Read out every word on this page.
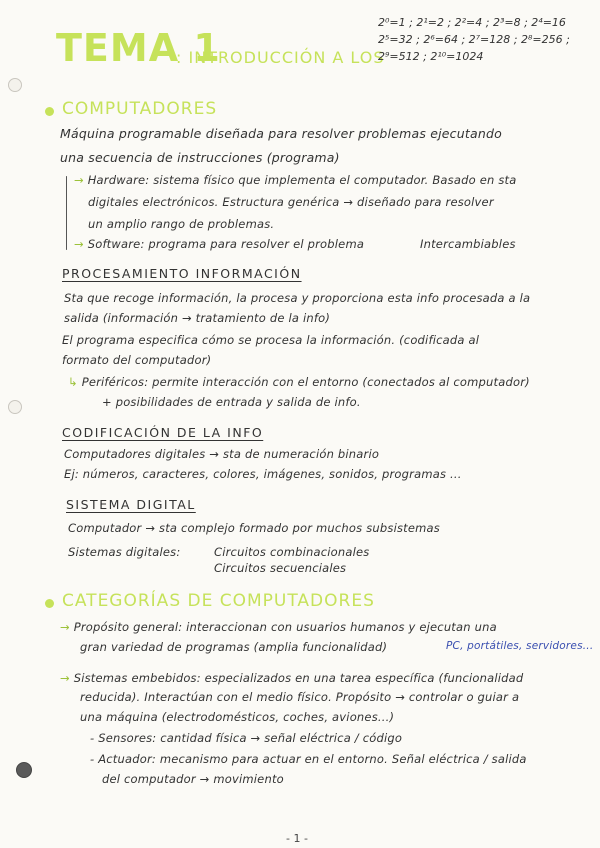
TEMA 1
: INTRODUCCIÓN A LOS
2⁰=1 ; 2¹=2 ; 2²=4 ; 2³=8 ; 2⁴=16
2⁵=32 ; 2⁶=64 ; 2⁷=128 ; 2⁸=256 ;
2⁹=512 ; 2¹⁰=1024
COMPUTADORES
Máquina programable diseñada para resolver problemas ejecutando
una secuencia de instrucciones (programa)
→ Hardware: sistema físico que implementa el computador. Basado en sta
digitales electrónicos. Estructura genérica → diseñado para resolver
un amplio rango de problemas.
→ Software: programa para resolver el problema	Intercambiables
PROCESAMIENTO INFORMACIÓN
Sta que recoge información, la procesa y proporciona esta info procesada a la
salida (información → tratamiento de la info)
El programa especifica cómo se procesa la información. (codificada al
formato del computador)
↳ Periféricos: permite interacción con el entorno (conectados al computador)
+ posibilidades de entrada y salida de info.
CODIFICACIÓN DE LA INFO
Computadores digitales → sta de numeración binario
Ej: números, caracteres, colores, imágenes, sonidos, programas ...
SISTEMA DIGITAL
Computador → sta complejo formado por muchos subsistemas
Sistemas digitales:	Circuitos combinacionales
Circuitos secuenciales
CATEGORÍAS DE COMPUTADORES
→ Propósito general: interaccionan con usuarios humanos y ejecutan una
gran variedad de programas (amplia funcionalidad)	PC, portátiles, servidores...
→ Sistemas embebidos: especializados en una tarea específica (funcionalidad
reducida). Interactúan con el medio físico. Propósito → controlar o guiar a
una máquina (electrodomésticos, coches, aviones...)
- Sensores: cantidad física → señal eléctrica / código
- Actuador: mecanismo para actuar en el entorno. Señal eléctrica / salida
del computador → movimiento
- 1 -
